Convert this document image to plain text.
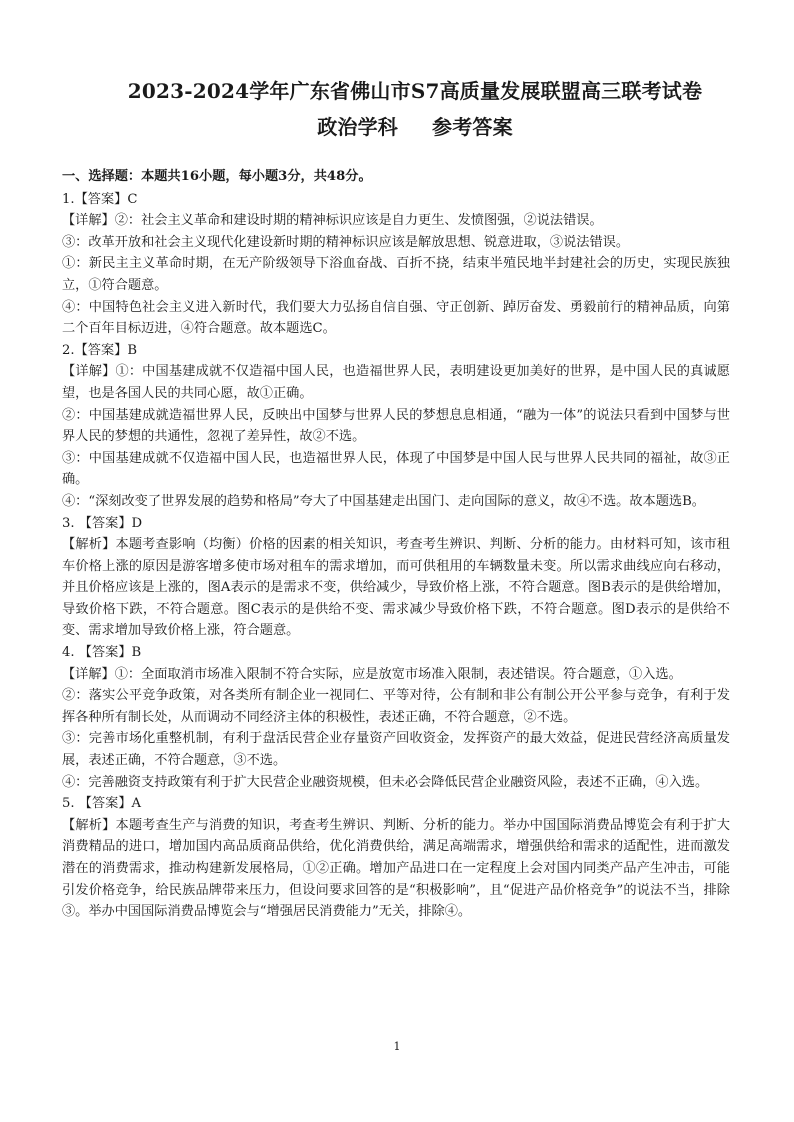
2023-2024学年广东省佛山市S7高质量发展联盟高三联考试卷
政治学科 参考答案

一、选择题：本题共16小题，每小题3分，共48分。

1.【答案】C

【详解】②：社会主义革命和建设时期的精神标识应该是自力更生、发愤图强，②说法错误。

③：改革开放和社会主义现代化建设新时期的精神标识应该是解放思想、锐意进取，③说法错误。

①：新民主主义革命时期，在无产阶级领导下浴血奋战、百折不挠，结束半殖民地半封建社会的历史，实现民族独立，①符合题意。

④：中国特色社会主义进入新时代，我们要大力弘扬自信自强、守正创新、踔厉奋发、勇毅前行的精神品质，向第二个百年目标迈进，④符合题意。故本题选C。

2.【答案】B

【详解】①：中国基建成就不仅造福中国人民，也造福世界人民，表明建设更加美好的世界，是中国人民的真诚愿望，也是各国人民的共同心愿，故①正确。

②：中国基建成就造福世界人民，反映出中国梦与世界人民的梦想息息相通，“融为一体”的说法只看到中国梦与世界人民的梦想的共通性，忽视了差异性，故②不选。

③：中国基建成就不仅造福中国人民，也造福世界人民，体现了中国梦是中国人民与世界人民共同的福祉，故③正确。

④：“深刻改变了世界发展的趋势和格局”夸大了中国基建走出国门、走向国际的意义，故④不选。故本题选B。

3. 【答案】D

【解析】本题考查影响（均衡）价格的因素的相关知识，考查考生辨识、判断、分析的能力。由材料可知，该市租车价格上涨的原因是游客增多使市场对租车的需求增加，而可供租用的车辆数量未变。所以需求曲线应向右移动，并且价格应该是上涨的，图A表示的是需求不变，供给减少，导致价格上涨，不符合题意。图B表示的是供给增加，导致价格下跌，不符合题意。图C表示的是供给不变、需求减少导致价格下跌，不符合题意。图D表示的是供给不变、需求增加导致价格上涨，符合题意。

4. 【答案】B

【详解】①：全面取消市场准入限制不符合实际，应是放宽市场准入限制，表述错误。符合题意，①入选。

②：落实公平竞争政策，对各类所有制企业一视同仁、平等对待，公有制和非公有制公开公平参与竞争，有利于发挥各种所有制长处，从而调动不同经济主体的积极性，表述正确，不符合题意，②不选。

③：完善市场化重整机制，有利于盘活民营企业存量资产回收资金，发挥资产的最大效益，促进民营经济高质量发展，表述正确，不符合题意，③不选。

④：完善融资支持政策有利于扩大民营企业融资规模，但未必会降低民营企业融资风险，表述不正确，④入选。

5. 【答案】A

【解析】本题考查生产与消费的知识，考查考生辨识、判断、分析的能力。举办中国国际消费品博览会有利于扩大消费精品的进口，增加国内高品质商品供给，优化消费供给，满足高端需求，增强供给和需求的适配性，进而激发潜在的消费需求，推动构建新发展格局，①②正确。增加产品进口在一定程度上会对国内同类产品产生冲击，可能引发价格竞争，给民族品牌带来压力，但设问要求回答的是“积极影响”，且“促进产品价格竞争”的说法不当，排除③。举办中国国际消费品博览会与“增强居民消费能力”无关，排除④。

1
